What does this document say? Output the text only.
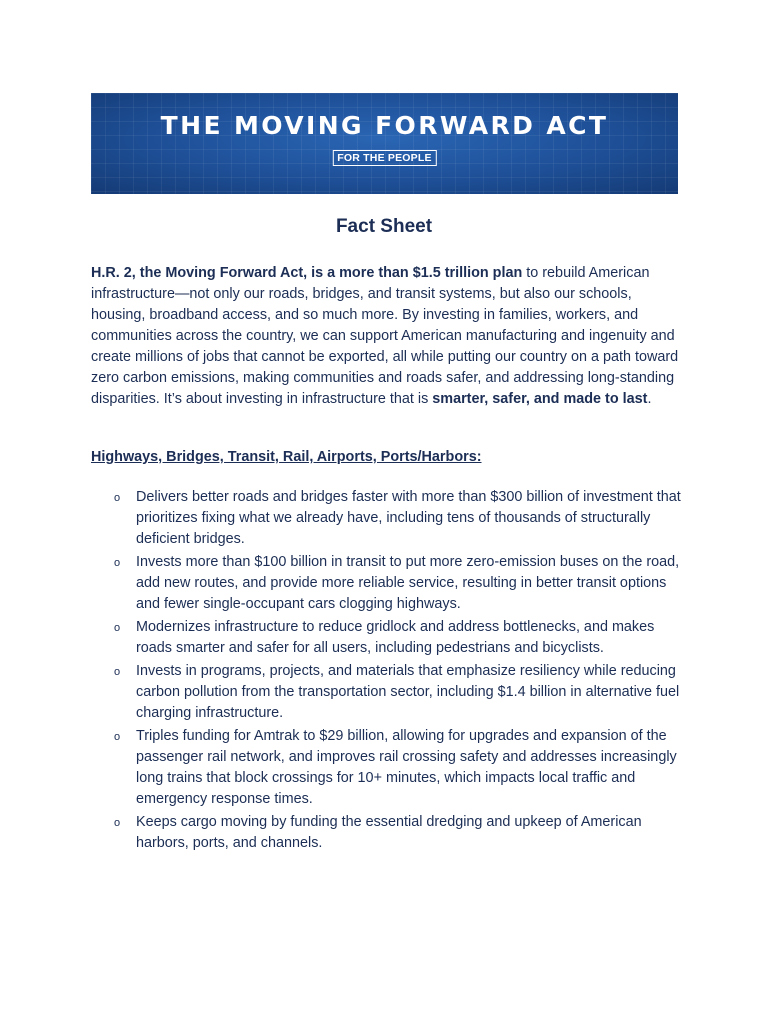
THE MOVING FORWARD ACT
FOR THE PEOPLE
Fact Sheet

H.R. 2, the Moving Forward Act, is a more than $1.5 trillion plan to rebuild American infrastructure—not only our roads, bridges, and transit systems, but also our schools, housing, broadband access, and so much more. By investing in families, workers, and communities across the country, we can support American manufacturing and ingenuity and create millions of jobs that cannot be exported, all while putting our country on a path toward zero carbon emissions, making communities and roads safer, and addressing long-standing disparities. It’s about investing in infrastructure that is smarter, safer, and made to last.

Highways, Bridges, Transit, Rail, Airports, Ports/Harbors:
o Delivers better roads and bridges faster with more than $300 billion of investment that prioritizes fixing what we already have, including tens of thousands of structurally deficient bridges.
o Invests more than $100 billion in transit to put more zero-emission buses on the road, add new routes, and provide more reliable service, resulting in better transit options and fewer single-occupant cars clogging highways.
o Modernizes infrastructure to reduce gridlock and address bottlenecks, and makes roads smarter and safer for all users, including pedestrians and bicyclists.
o Invests in programs, projects, and materials that emphasize resiliency while reducing carbon pollution from the transportation sector, including $1.4 billion in alternative fuel charging infrastructure.
o Triples funding for Amtrak to $29 billion, allowing for upgrades and expansion of the passenger rail network, and improves rail crossing safety and addresses increasingly long trains that block crossings for 10+ minutes, which impacts local traffic and emergency response times.
o Keeps cargo moving by funding the essential dredging and upkeep of American harbors, ports, and channels.
